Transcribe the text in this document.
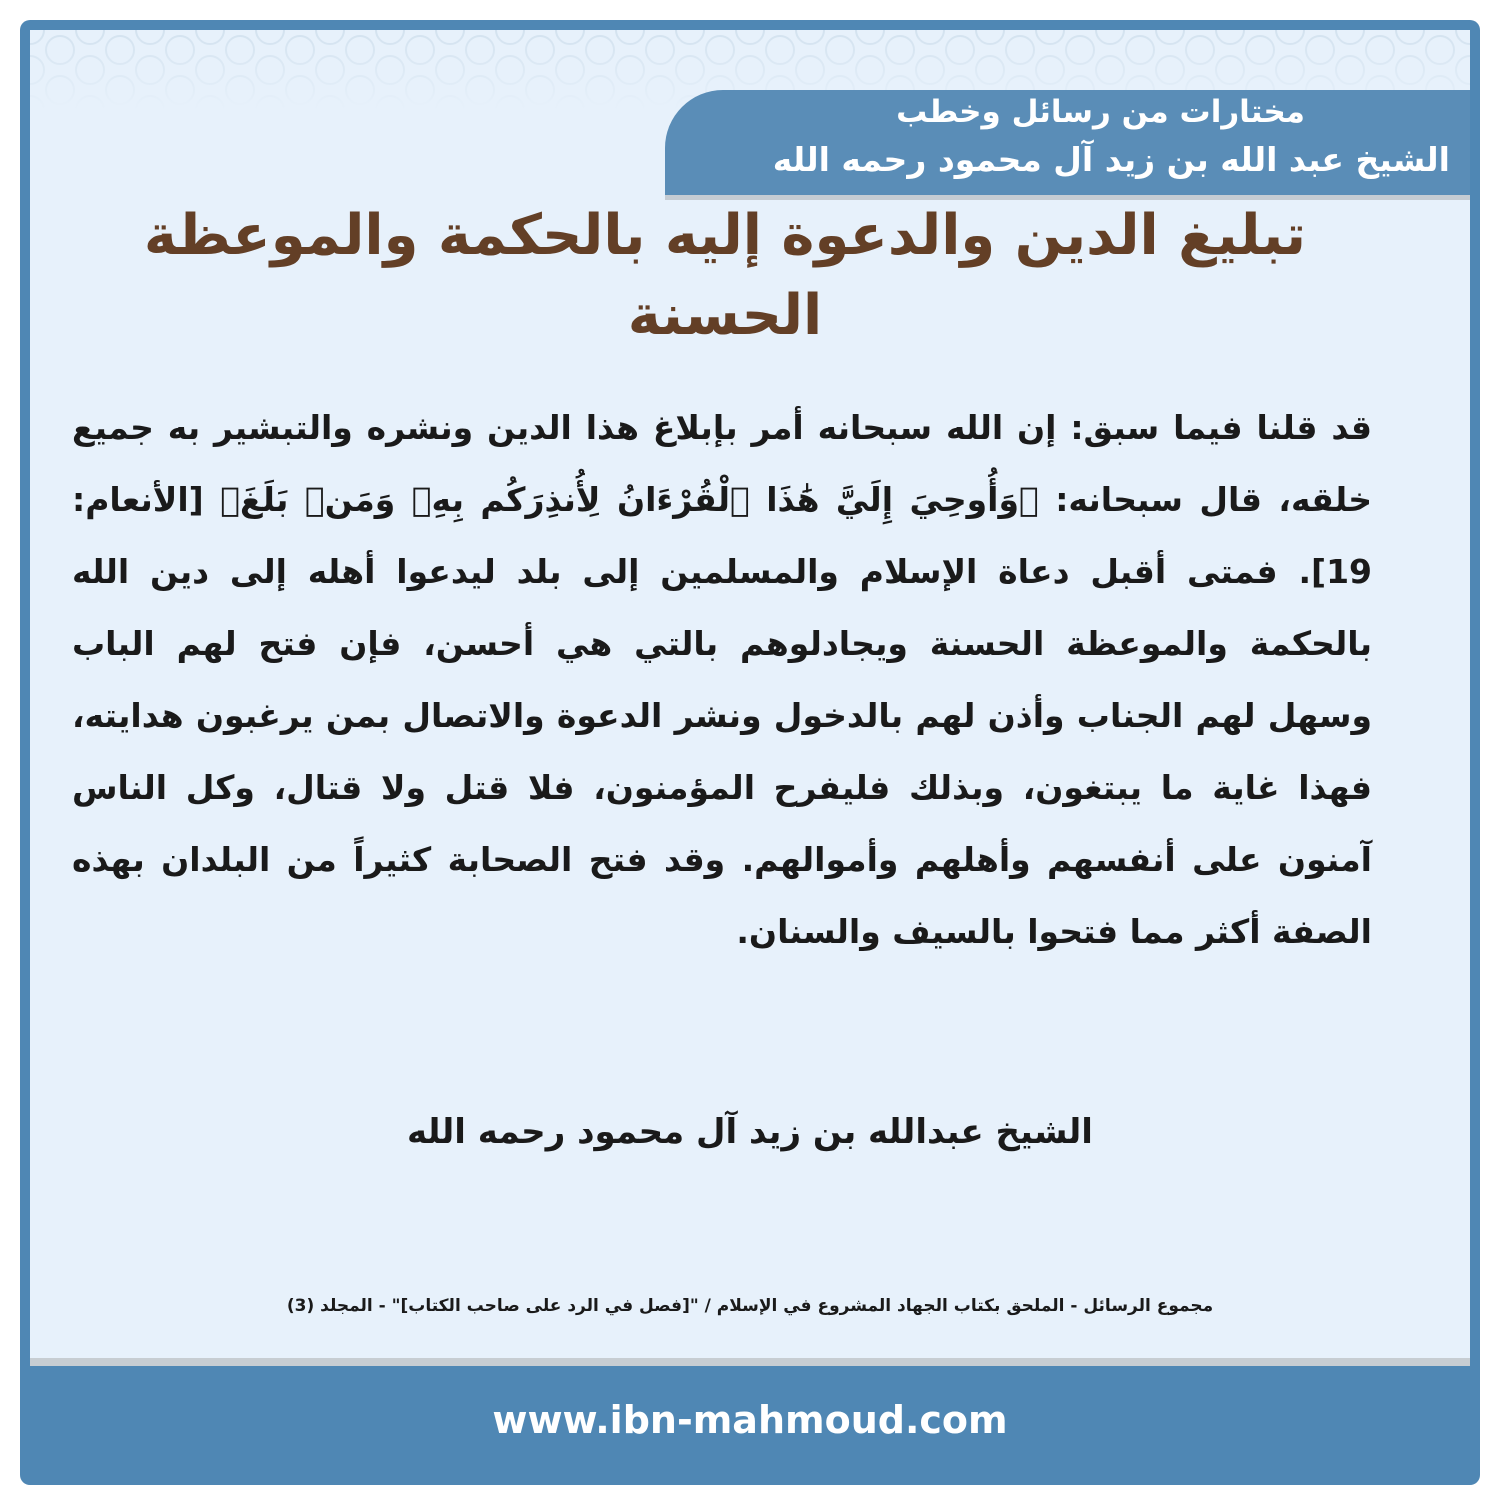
مختارات من رسائل وخطب
الشيخ عبد الله بن زيد آل محمود رحمه الله
تبليغ الدين والدعوة إليه بالحكمة والموعظة الحسنة

قد قلنا فيما سبق: إن الله سبحانه أمر بإبلاغ هذا الدين ونشره والتبشير به جميع خلقه، قال سبحانه: ﴿وَأُوحِيَ إِلَيَّ هَٰذَا ٱلْقُرْءَانُ لِأُنذِرَكُم بِهِۦ وَمَنۢ بَلَغَ﴾ [الأنعام: 19]. فمتى أقبل دعاة الإسلام والمسلمين إلى بلد ليدعوا أهله إلى دين الله بالحكمة والموعظة الحسنة ويجادلوهم بالتي هي أحسن، فإن فتح لهم الباب وسهل لهم الجناب وأذن لهم بالدخول ونشر الدعوة والاتصال بمن يرغبون هدايته، فهذا غاية ما يبتغون، وبذلك فليفرح المؤمنون، فلا قتل ولا قتال، وكل الناس آمنون على أنفسهم وأهلهم وأموالهم. وقد فتح الصحابة كثيراً من البلدان بهذه الصفة أكثر مما فتحوا بالسيف والسنان.

الشيخ عبدالله بن زيد آل محمود رحمه الله

مجموع الرسائل - الملحق بكتاب الجهاد المشروع في الإسلام / "[فصل في الرد على صاحب الكتاب]" - المجلد (3)

www.ibn-mahmoud.com
